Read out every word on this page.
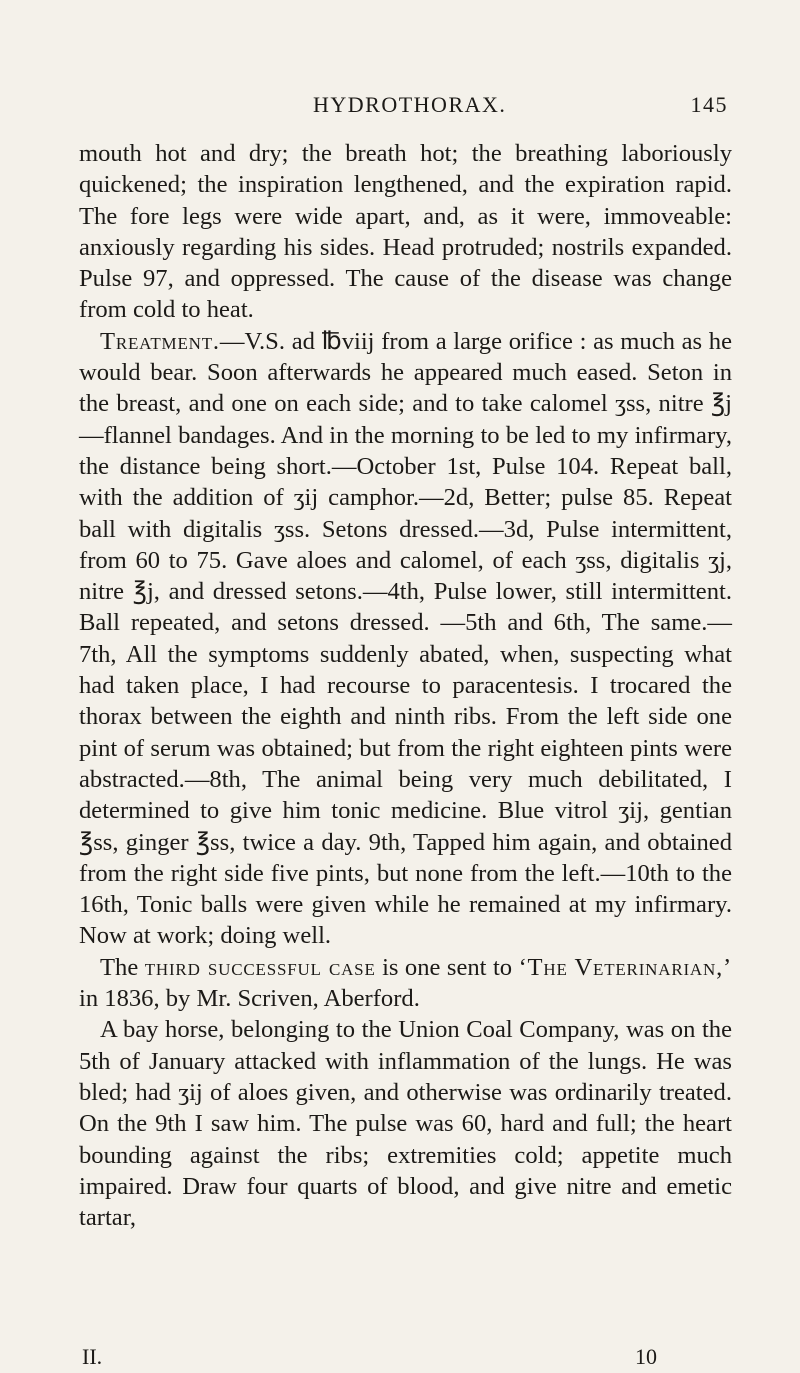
HYDROTHORAX.	145

mouth hot and dry; the breath hot; the breathing laboriously quickened; the inspiration lengthened, and the expiration rapid. The fore legs were wide apart, and, as it were, immoveable: anxiously regarding his sides. Head protruded; nostrils expanded. Pulse 97, and oppressed. The cause of the disease was change from cold to heat.

Treatment.—V.S. ad ℔viij from a large orifice : as much as he would bear. Soon afterwards he appeared much eased. Seton in the breast, and one on each side; and to take calomel ʒss, nitre ℥j—flannel bandages. And in the morning to be led to my infirmary, the distance being short.—October 1st, Pulse 104. Repeat ball, with the addition of ʒij camphor.—2d, Better; pulse 85. Repeat ball with digitalis ʒss. Setons dressed.—3d, Pulse intermittent, from 60 to 75. Gave aloes and calomel, of each ʒss, digitalis ʒj, nitre ℥j, and dressed setons.—4th, Pulse lower, still intermittent. Ball repeated, and setons dressed. —5th and 6th, The same.— 7th, All the symptoms suddenly abated, when, suspecting what had taken place, I had recourse to paracentesis. I trocared the thorax between the eighth and ninth ribs. From the left side one pint of serum was obtained; but from the right eighteen pints were abstracted.—8th, The animal being very much debilitated, I determined to give him tonic medicine. Blue vitrol ʒij, gentian ℥ss, ginger ℥ss, twice a day. 9th, Tapped him again, and obtained from the right side five pints, but none from the left.—10th to the 16th, Tonic balls were given while he remained at my infirmary. Now at work; doing well.

The third successful case is one sent to ‘The Veterinarian,’ in 1836, by Mr. Scriven, Aberford.

A bay horse, belonging to the Union Coal Company, was on the 5th of January attacked with inflammation of the lungs. He was bled; had ʒij of aloes given, and otherwise was ordinarily treated. On the 9th I saw him. The pulse was 60, hard and full; the heart bounding against the ribs; extremities cold; appetite much impaired. Draw four quarts of blood, and give nitre and emetic tartar,

II.	10
